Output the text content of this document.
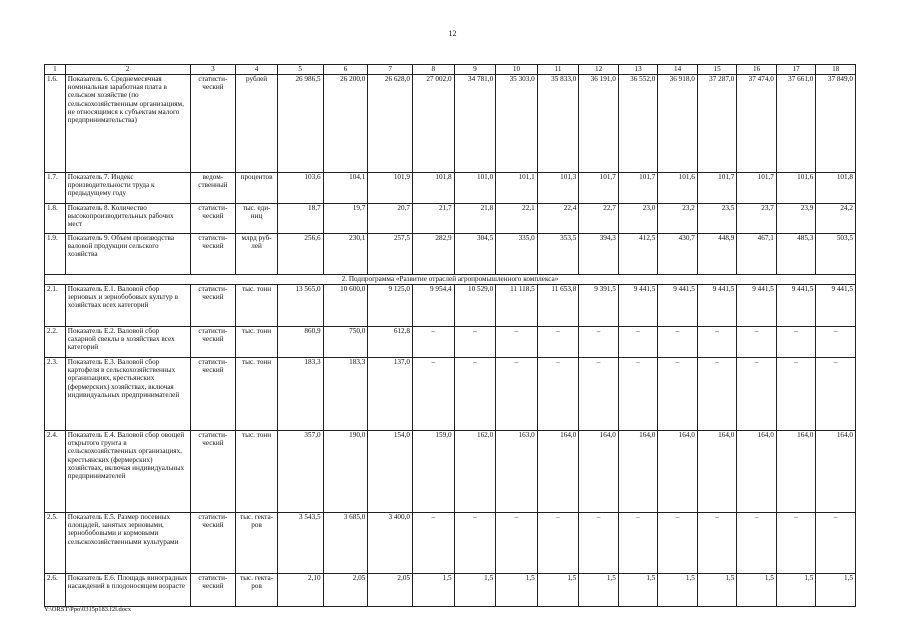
12
1	2	3	4	5	6	7	8	9	10	11	12	13	14	15	16	17	18
1.6.	Показатель 6. Среднемесячная номинальная заработная плата в сельском хозяйстве (по сельскохозяйственным организациям, не относящимся к субъектам малого предпринимательства)	статисти-ческий	рублей	26 986,5	26 200,0	26 628,0	27 002,0	34 781,0	35 303,0	35 833,0	36 191,0	36 552,0	36 918,0	37 287,0	37 474,0	37 661,0	37 849,0
1.7.	Показатель 7. Индекс производительности труда к предыдущему году	ведом-ственный	процентов	103,6	104,1	101,9	101,8	101,0	101,1	101,3	101,7	101,7	101,6	101,7	101,7	101,6	101,8
1.8.	Показатель 8. Количество высокопроизводительных рабочих мест	статисти-ческий	тыс. еди-ниц	18,7	19,7	20,7	21,7	21,8	22,1	22,4	22,7	23,0	23,2	23,5	23,7	23,9	24,2
1.9.	Показатель 9. Объем производства валовой продукции сельского хозяйства	статисти-ческий	млрд руб-лей	256,6	230,1	257,5	282,9	304,5	335,0	353,5	394,3	412,5	430,7	448,9	467,1	485,3	503,5
2. Подпрограмма «Развитие отраслей агропромышленного комплекса»																	
2.1.	Показатель Е.1. Валовой сбор зерновых и зернобобовых культур в хозяйствах всех категорий	статисти-ческий	тыс. тонн	13 565,0	10 600,0	9 125,0	9 954,4	10 529,0	11 118,5	11 653,8	9 391,5	9 441,5	9 441,5	9 441,5	9 441,5	9 441,5	9 441,5
2.2.	Показатель Е.2. Валовой сбор сахарной свеклы в хозяйствах всех категорий	статисти-ческий	тыс. тонн	860,9	750,0	612,8	–	–	–	–	–	–	–	–	–	–	–
2.3.	Показатель Е.3. Валовой сбор картофеля в сельскохозяйственных организациях, крестьянских (фермерских) хозяйствах, включая индивидуальных предпринимателей	статисти-ческий	тыс. тонн	183,3	183,3	137,0	–	–	–	–	–	–	–	–	–	–	–
2.4.	Показатель Е.4. Валовой сбор овощей открытого грунта в сельскохозяйственных организациях, крестьянских (фермерских) хозяйствах, включая индивидуальных предпринимателей	статисти-ческий	тыс. тонн	357,0	190,0	154,0	159,0	162,0	163,0	164,0	164,0	164,0	164,0	164,0	164,0	164,0	164,0
2.5.	Показатель Е.5. Размер посевных площадей, занятых зерновыми, зернобобовыми и кормовыми сельскохозяйственными культурами	статисти-ческий	тыс. гекта-ров	3 543,5	3 685,0	3 400,0	–	–	–	–	–	–	–	–	–	–	–
2.6.	Показатель Е.6. Площадь виноградных насаждений в плодоносящем возрасте	статисти-ческий	тыс. гекта-ров	2,10	2,05	2,05	1,5	1,5	1,5	1,5	1,5	1,5	1,5	1,5	1,5	1,5	1,5
Y:\ORST\Ppo\0315p183.f2l.docx
